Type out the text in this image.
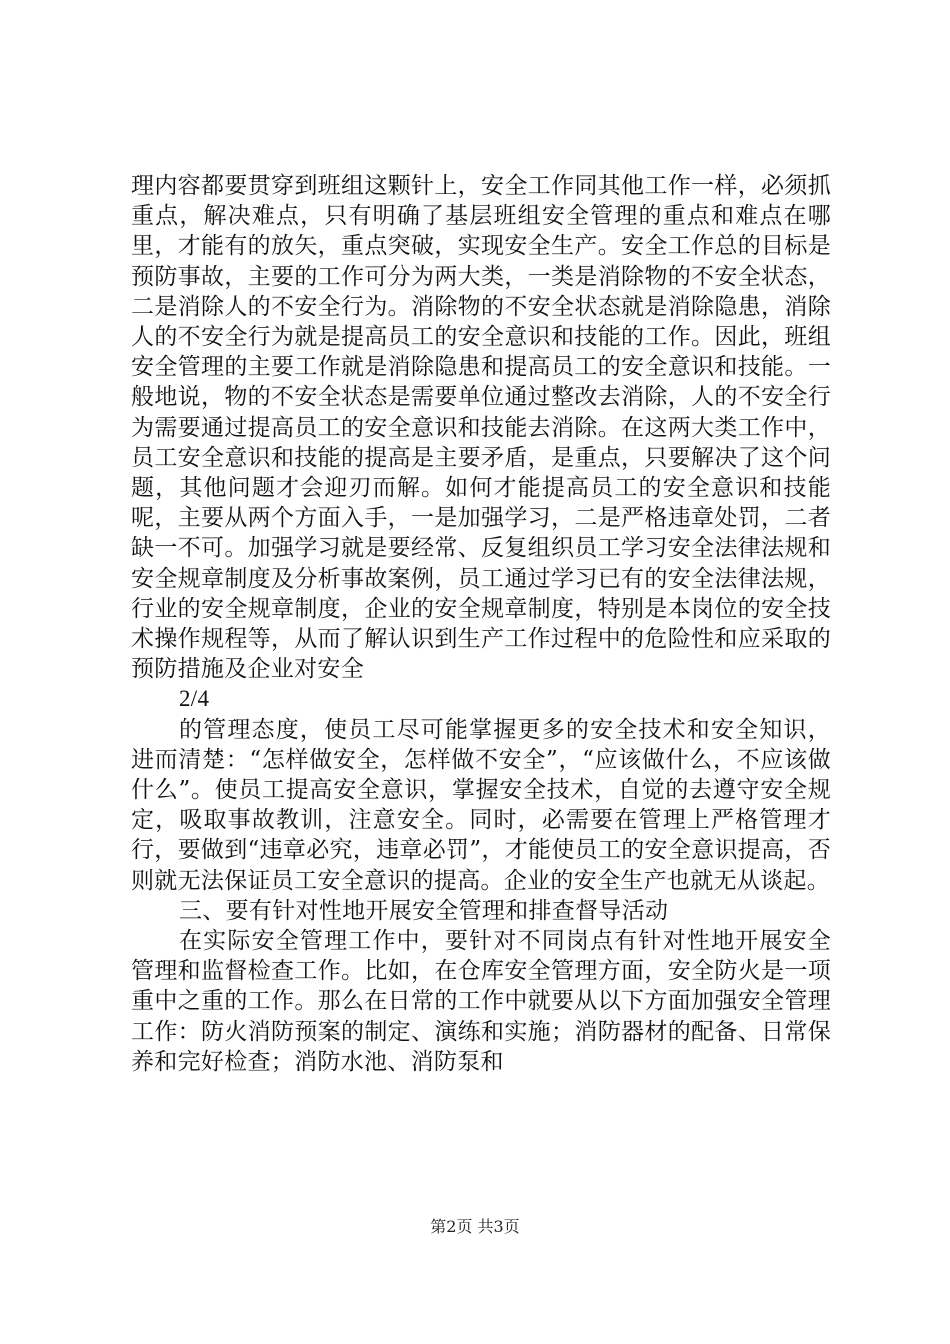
理内容都要贯穿到班组这颗针上，安全工作同其他工作一样，必须抓重点，解决难点，只有明确了基层班组安全管理的重点和难点在哪里，才能有的放矢，重点突破，实现安全生产。安全工作总的目标是预防事故，主要的工作可分为两大类，一类是消除物的不安全状态，二是消除人的不安全行为。消除物的不安全状态就是消除隐患，消除人的不安全行为就是提高员工的安全意识和技能的工作。因此，班组安全管理的主要工作就是消除隐患和提高员工的安全意识和技能。一般地说，物的不安全状态是需要单位通过整改去消除，人的不安全行为需要通过提高员工的安全意识和技能去消除。在这两大类工作中，员工安全意识和技能的提高是主要矛盾，是重点，只要解决了这个问题，其他问题才会迎刃而解。如何才能提高员工的安全意识和技能呢，主要从两个方面入手，一是加强学习，二是严格违章处罚，二者缺一不可。加强学习就是要经常、反复组织员工学习安全法律法规和安全规章制度及分析事故案例，员工通过学习已有的安全法律法规，行业的安全规章制度，企业的安全规章制度，特别是本岗位的安全技术操作规程等，从而了解认识到生产工作过程中的危险性和应采取的预防措施及企业对安全

2/4

的管理态度，使员工尽可能掌握更多的安全技术和安全知识，进而清楚：“怎样做安全，怎样做不安全”，“应该做什么，不应该做什么”。使员工提高安全意识，掌握安全技术，自觉的去遵守安全规定，吸取事故教训，注意安全。同时，必需要在管理上严格管理才行，要做到“违章必究，违章必罚”，才能使员工的安全意识提高，否则就无法保证员工安全意识的提高。企业的安全生产也就无从谈起。

三、要有针对性地开展安全管理和排查督导活动

在实际安全管理工作中，要针对不同岗点有针对性地开展安全管理和监督检查工作。比如，在仓库安全管理方面，安全防火是一项重中之重的工作。那么在日常的工作中就要从以下方面加强安全管理工作：防火消防预案的制定、演练和实施；消防器材的配备、日常保养和完好检查；消防水池、消防泵和

第2页 共3页
